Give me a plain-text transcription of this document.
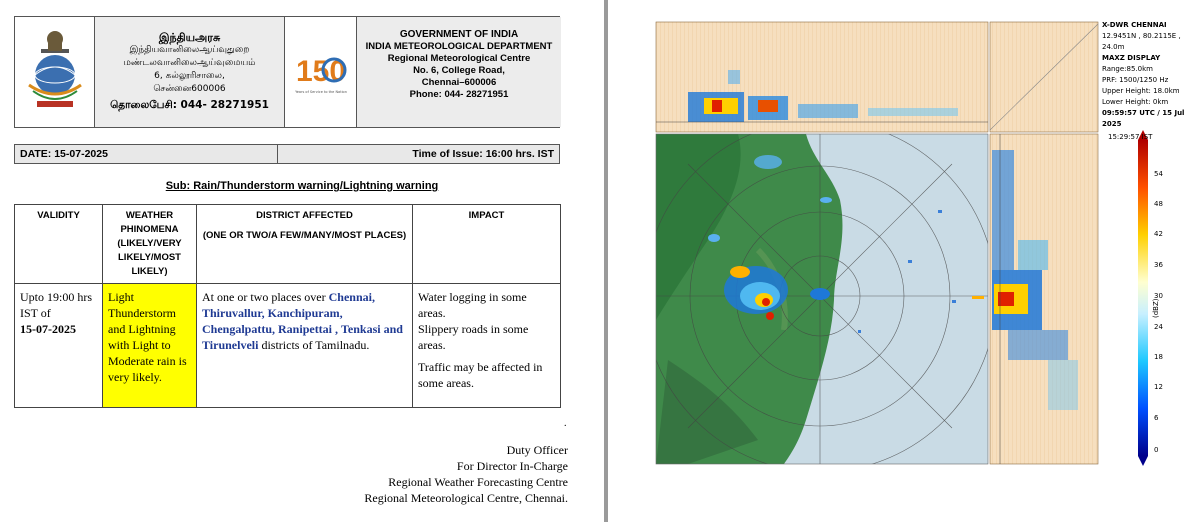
இந்தியஅரசு
இந்தியவானிலைஆய்வுதுறை
மண்டலவானிலைஆய்வுமையம்
6, கல்லூரிசாலை,
சென்னை600006
தொலைபேசி: 044- 28271951
150
Years of Service to the Nation
GOVERNMENT OF INDIA
INDIA METEOROLOGICAL DEPARTMENT
Regional Meteorological Centre
No. 6, College Road,
Chennai–600006
Phone: 044- 28271951
DATE: 15-07-2025	Time of Issue: 16:00 hrs. IST
Sub: Rain/Thunderstorm warning/Lightning warning
VALIDITY	WEATHER PHINOMENA (LIKELY/VERY LIKELY/MOST LIKELY)	DISTRICT AFFECTED
(ONE OR TWO/A FEW/MANY/MOST PLACES)	IMPACT
Upto 19:00 hrs IST of
15-07-2025	Light Thunderstorm and Lightning with Light to Moderate rain is very likely.	At one or two places over Chennai, Thiruvallur, Kanchipuram, Chengalpattu, Ranipettai , Tenkasi and Tirunelveli districts of Tamilnadu.	Water logging in some areas.
Slippery roads in some areas.
Traffic may be affected in some areas.
.
Duty Officer
For Director In-Charge
Regional Weather Forecasting Centre
Regional Meteorological Centre, Chennai.
X-DWR CHENNAI
12.9451N , 80.2115E , 24.0m
MAXZ DISPLAY
Range:85.0km
PRF: 1500/1250 Hz
Upper Height: 18.0km
Lower Height: 0km
09:59:57 UTC / 15 Jul 2025
15:29:57 IST
54
48
42
36
30
24
18
12
6
0
(dBZ)
